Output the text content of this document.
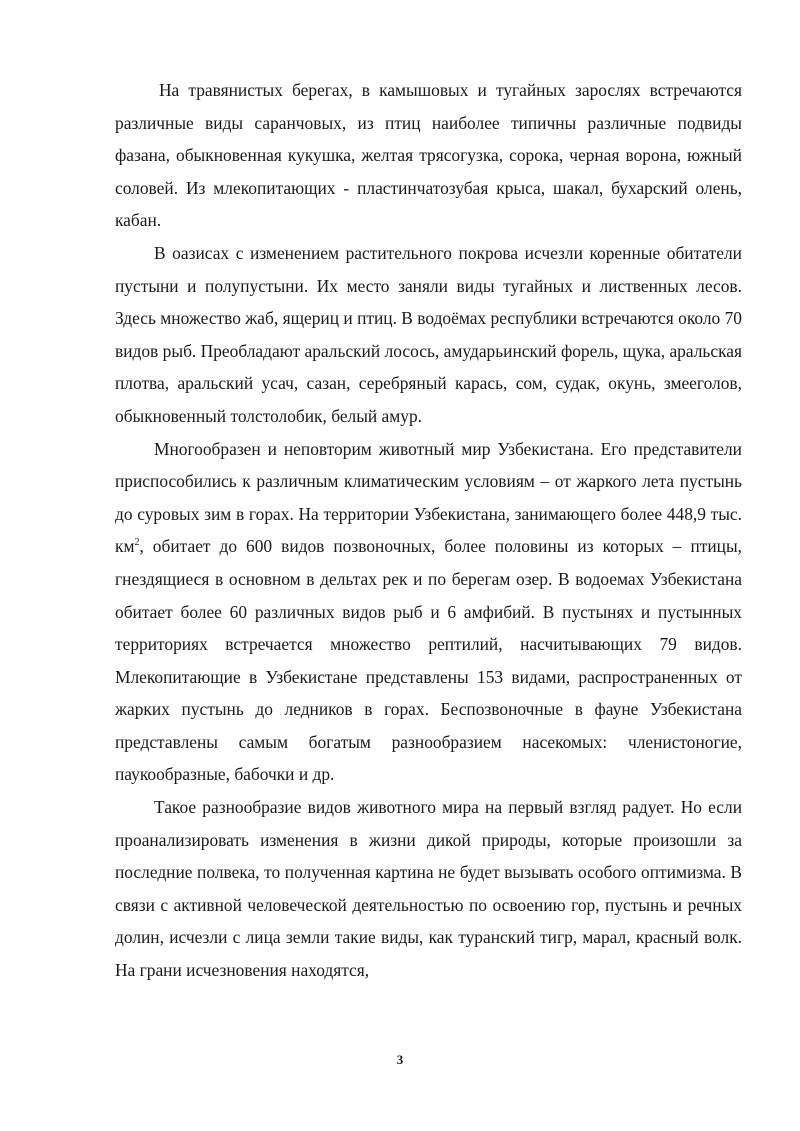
На травянистых берегах, в камышовых и тугайных зарослях встречаются различные виды саранчовых, из птиц наиболее типичны различные подвиды фазана, обыкновенная кукушка, желтая трясогузка, сорока, черная ворона, южный соловей. Из млекопитающих - пластинчатозубая крыса, шакал, бухарский олень, кабан.

В оазисах с изменением растительного покрова исчезли коренные обитатели пустыни и полупустыни. Их место заняли виды тугайных и лиственных лесов. Здесь множество жаб, ящериц и птиц. В водоёмах республики встречаются около 70 видов рыб. Преобладают аральский лосось, амударьинский форель, щука, аральская плотва, аральский усач, сазан, серебряный карась, сом, судак, окунь, змееголов, обыкновенный толстолобик, белый амур.

Многообразен и неповторим животный мир Узбекистана. Его представители приспособились к различным климатическим условиям – от жаркого лета пустынь до суровых зим в горах. На территории Узбекистана, занимающего более 448,9 тыс. $км^2$, обитает до 600 видов позвоночных, более половины из которых – птицы, гнездящиеся в основном в дельтах рек и по берегам озер. В водоемах Узбекистана обитает более 60 различных видов рыб и 6 амфибий. В пустынях и пустынных территориях встречается множество рептилий, насчитывающих 79 видов. Млекопитающие в Узбекистане представлены 153 видами, распространенных от жарких пустынь до ледников в горах. Беспозвоночные в фауне Узбекистана представлены самым богатым разнообразием насекомых: членистоногие, паукообразные, бабочки и др.

Такое разнообразие видов животного мира на первый взгляд радует. Но если проанализировать изменения в жизни дикой природы, которые произошли за последние полвека, то полученная картина не будет вызывать особого оптимизма. В связи с активной человеческой деятельностью по освоению гор, пустынь и речных долин, исчезли с лица земли такие виды, как туранский тигр, марал, красный волк. На грани исчезновения находятся,

3
